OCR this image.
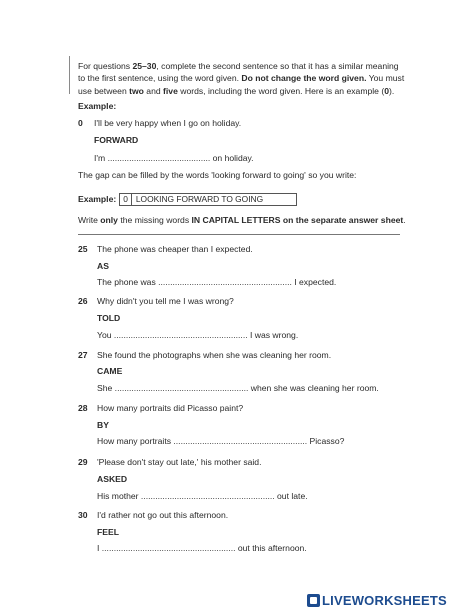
For questions 25–30, complete the second sentence so that it has a similar meaning to the first sentence, using the word given. Do not change the word given. You must use between two and five words, including the word given. Here is an example (0).
Example:
0 I'll be very happy when I go on holiday.
FORWARD
I'm ........................................... on holiday.
The gap can be filled by the words 'looking forward to going' so you write:
Example: 0 LOOKING FORWARD TO GOING
Write only the missing words IN CAPITAL LETTERS on the separate answer sheet.
25 The phone was cheaper than I expected.
AS
The phone was ........................................................ I expected.
26 Why didn't you tell me I was wrong?
TOLD
You ........................................................ I was wrong.
27 She found the photographs when she was cleaning her room.
CAME
She ........................................................ when she was cleaning her room.
28 How many portraits did Picasso paint?
BY
How many portraits ........................................................ Picasso?
29 'Please don't stay out late,' his mother said.
ASKED
His mother ........................................................ out late.
30 I'd rather not go out this afternoon.
FEEL
I ........................................................ out this afternoon.
LIVEWORKSHEETS
